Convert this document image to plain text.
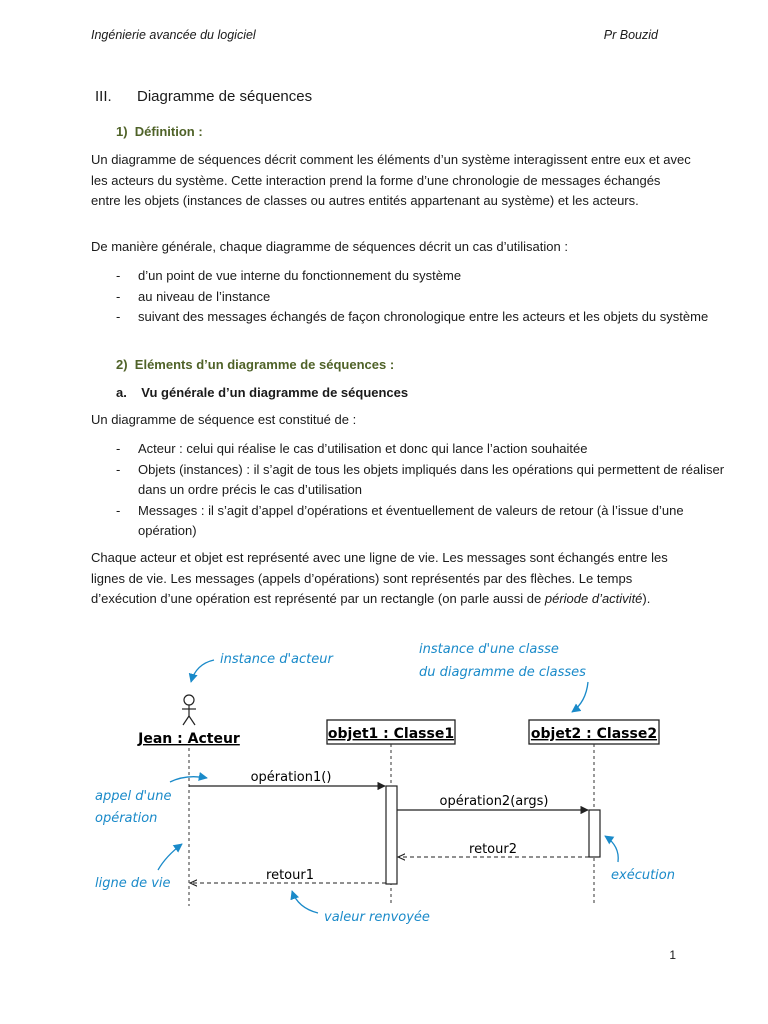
Ingénierie avancée du logiciel	Pr Bouzid
III. Diagramme de séquences
1)  Définition :
Un diagramme de séquences décrit comment les éléments d’un système interagissent entre eux et avec les acteurs du système. Cette interaction prend la forme d’une chronologie de messages échangés entre les objets (instances de classes ou autres entités appartenant au système) et les acteurs.
De manière générale, chaque diagramme de séquences décrit un cas d’utilisation :
- d’un point de vue interne du fonctionnement du système
- au niveau de l’instance
- suivant des messages échangés de façon chronologique entre les acteurs et les objets du système
2)  Eléments d’un diagramme de séquences :
a.    Vu générale d’un diagramme de séquences
Un diagramme de séquence est constitué de :
- Acteur : celui qui réalise le cas d’utilisation et donc qui lance l’action souhaitée
- Objets (instances) : il s’agit de tous les objets impliqués dans les opérations qui permettent de réaliser dans un ordre précis le cas d’utilisation
- Messages : il s’agit d’appel d’opérations et éventuellement de valeurs de retour (à l’issue d’une opération)
Chaque acteur et objet est représenté avec une ligne de vie. Les messages sont échangés entre les lignes de vie. Les messages (appels d’opérations) sont représentés par des flèches. Le temps d’exécution d’une opération est représenté par un rectangle (on parle aussi de période d’activité).
Jean : Acteur	objet1 : Classe1	objet2 : Classe2
opération1()
opération2(args)
retour2
retour1
instance d'acteur
instance d'une classe
du diagramme de classes
appel d'une
opération
ligne de vie
exécution
valeur renvoyée
1
